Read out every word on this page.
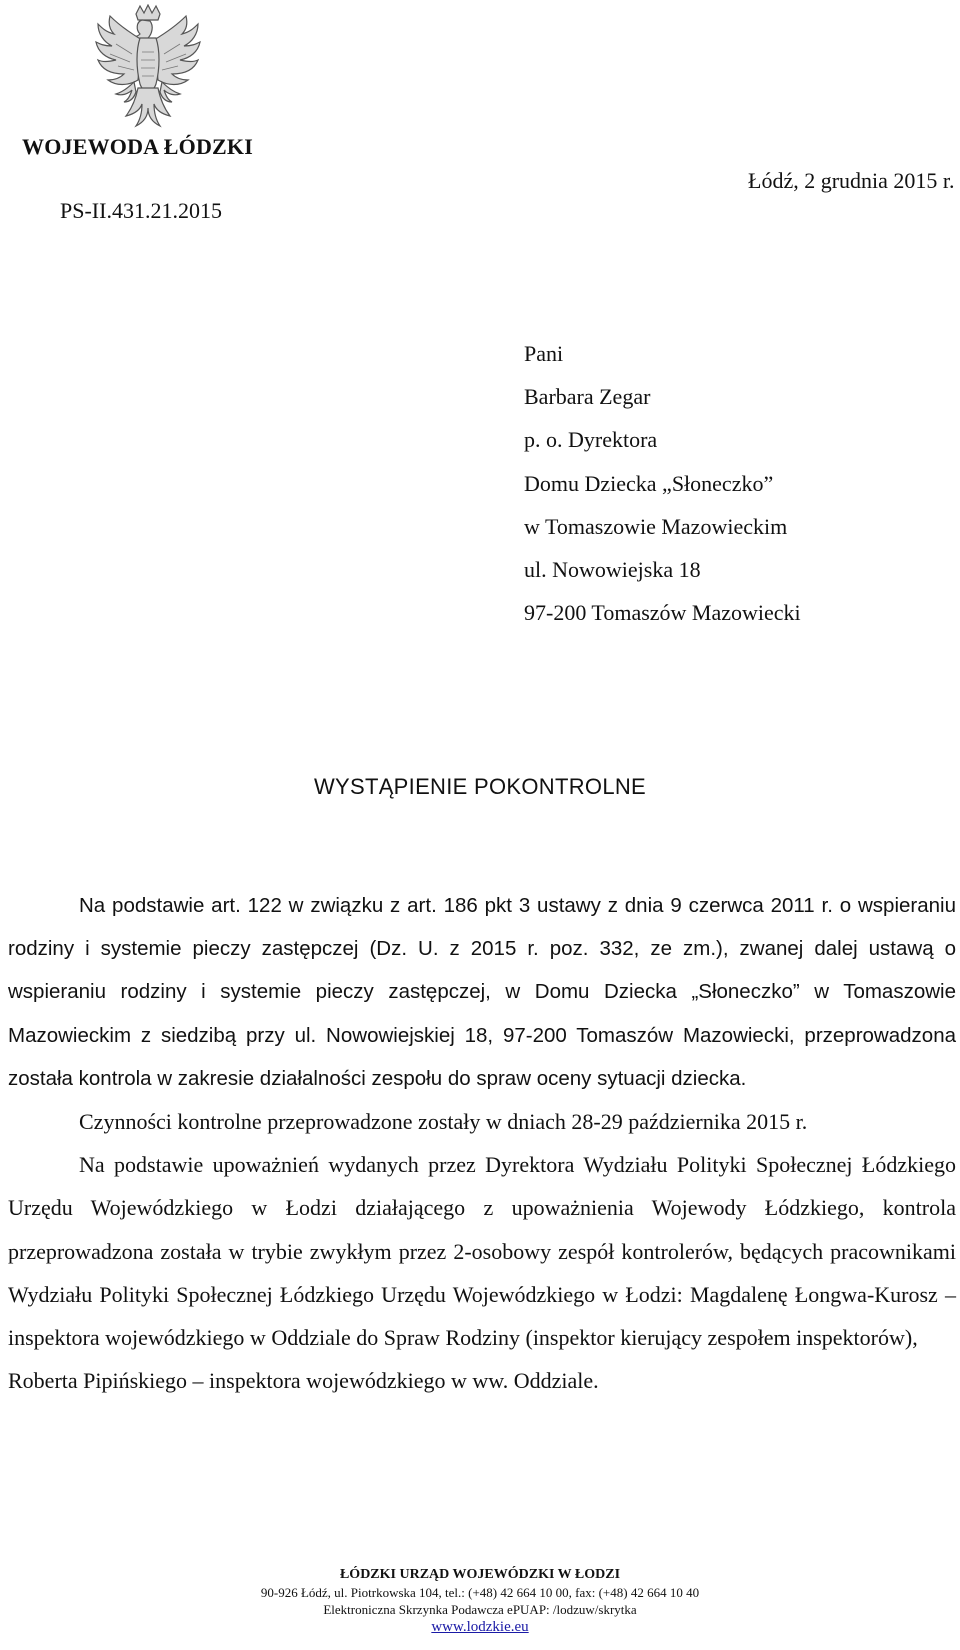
WOJEWODA ŁÓDZKI
PS-II.431.21.2015
Łódź, 2 grudnia 2015 r.
Pani
Barbara Zegar
p. o. Dyrektora
Domu Dziecka „Słoneczko”
w Tomaszowie Mazowieckim
ul. Nowowiejska 18
97-200 Tomaszów Mazowiecki
WYSTĄPIENIE POKONTROLNE

Na podstawie art. 122 w związku z art. 186 pkt 3 ustawy z dnia 9 czerwca 2011 r. o wspieraniu rodziny i systemie pieczy zastępczej (Dz. U. z 2015 r. poz. 332, ze zm.), zwanej dalej ustawą o wspieraniu rodziny i systemie pieczy zastępczej, w Domu Dziecka „Słoneczko” w Tomaszowie Mazowieckim z siedzibą przy ul. Nowowiejskiej 18, 97-200 Tomaszów Mazowiecki, przeprowadzona została kontrola w zakresie działalności zespołu do spraw oceny sytuacji dziecka.

Czynności kontrolne przeprowadzone zostały w dniach 28-29 października 2015 r.

Na podstawie upoważnień wydanych przez Dyrektora Wydziału Polityki Społecznej Łódzkiego Urzędu Wojewódzkiego w Łodzi działającego z upoważnienia Wojewody Łódzkiego, kontrola przeprowadzona została w trybie zwykłym przez 2-osobowy zespół kontrolerów, będących pracownikami Wydziału Polityki Społecznej Łódzkiego Urzędu Wojewódzkiego w Łodzi: Magdalenę Łongwa-Kurosz – inspektora wojewódzkiego w Oddziale do Spraw Rodziny (inspektor kierujący zespołem inspektorów),

Roberta Pipińskiego – inspektora wojewódzkiego w ww. Oddziale.

ŁÓDZKI URZĄD WOJEWÓDZKI W ŁODZI
90-926 Łódź, ul. Piotrkowska 104, tel.: (+48) 42 664 10 00, fax: (+48) 42 664 10 40
Elektroniczna Skrzynka Podawcza ePUAP: /lodzuw/skrytka
www.lodzkie.eu
